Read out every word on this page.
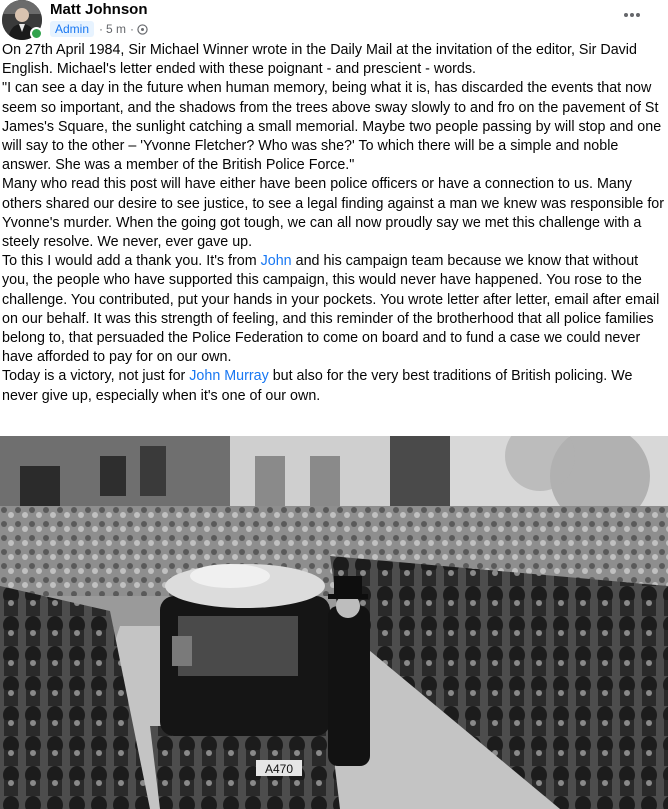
Matt Johnson
Admin · 5 m ·

On 27th April 1984, Sir Michael Winner wrote in the Daily Mail at the invitation of the editor, Sir David English. Michael's letter ended with these poignant - and prescient - words.

"I can see a day in the future when human memory, being what it is, has discarded the events that now seem so important, and the shadows from the trees above sway slowly to and fro on the pavement of St James's Square, the sunlight catching a small memorial. Maybe two people passing by will stop and one will say to the other – 'Yvonne Fletcher? Who was she?' To which there will be a simple and noble answer. She was a member of the British Police Force."

Many who read this post will have either have been police officers or have a connection to us. Many others shared our desire to see justice, to see a legal finding against a man we knew was responsible for Yvonne's murder. When the going got tough, we can all now proudly say we met this challenge with a steely resolve. We never, ever gave up.

To this I would add a thank you. It's from John and his campaign team because we know that without you, the people who have supported this campaign, this would never have happened. You rose to the challenge. You contributed, put your hands in your pockets. You wrote letter after letter, email after email on our behalf. It was this strength of feeling, and this reminder of the brotherhood that all police families belong to, that persuaded the Police Federation to come on board and to fund a case we could never have afforded to pay for on our own.

Today is a victory, not just for John Murray but also for the very best traditions of British policing. We never give up, especially when it's one of our own.

A470
